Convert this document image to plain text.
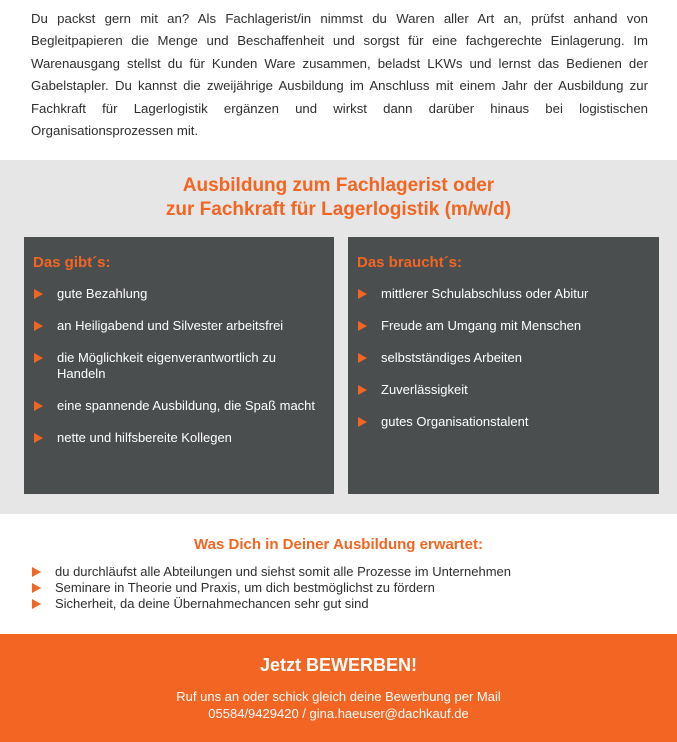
Du packst gern mit an? Als Fachlagerist/in nimmst du Waren aller Art an, prüfst anhand von Begleitpapieren die Menge und Beschaffenheit und sorgst für eine fachgerechte Einlagerung. Im Warenausgang stellst du für Kunden Ware zusammen, beladst LKWs und lernst das Bedienen der Gabelstapler. Du kannst die zweijährige Ausbildung im Anschluss mit einem Jahr der Ausbildung zur Fachkraft für Lagerlogistik ergänzen und wirkst dann darüber hinaus bei logistischen Organisationsprozessen mit.

Ausbildung zum Fachlagerist oder
zur Fachkraft für Lagerlogistik (m/w/d)
Das gibt´s:
gute Bezahlung
an Heiligabend und Silvester arbeitsfrei
die Möglichkeit eigenverantwortlich zu Handeln
eine spannende Ausbildung, die Spaß macht
nette und hilfsbereite Kollegen
Das braucht´s:
mittlerer Schulabschluss oder Abitur
Freude am Umgang mit Menschen
selbstständiges Arbeiten
Zuverlässigkeit
gutes Organisationstalent
Was Dich in Deiner Ausbildung erwartet:
du durchläufst alle Abteilungen und siehst somit alle Prozesse im Unternehmen
Seminare in Theorie und Praxis, um dich bestmöglichst zu fördern
Sicherheit, da deine Übernahmechancen sehr gut sind
Jetzt BEWERBEN!
Ruf uns an oder schick gleich deine Bewerbung per Mail
05584/9429420 / gina.haeuser@dachkauf.de
